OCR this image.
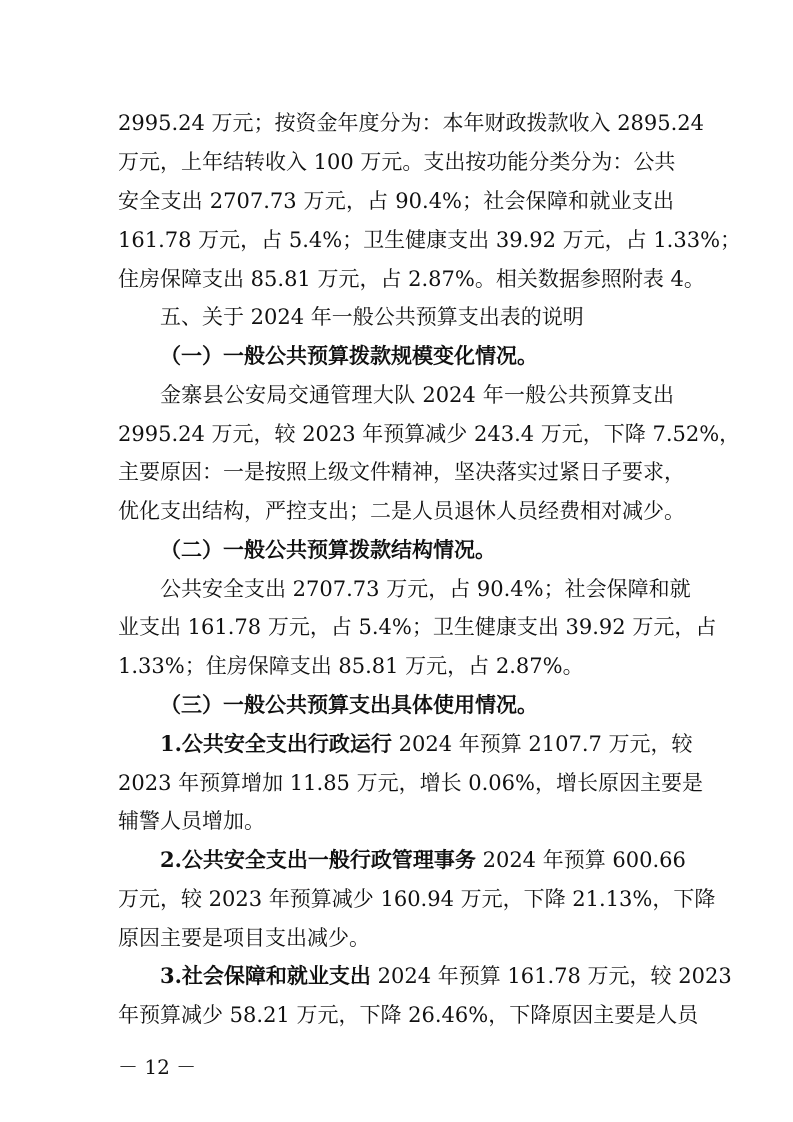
2995.24 万元；按资金年度分为：本年财政拨款收入 2895.24
万元，上年结转收入 100 万元。支出按功能分类分为：公共
安全支出 2707.73 万元，占 90.4%；社会保障和就业支出
161.78 万元，占 5.4%；卫生健康支出 39.92 万元，占 1.33%；
住房保障支出 85.81 万元，占 2.87%。相关数据参照附表 4。
五、关于 2024 年一般公共预算支出表的说明
（一）一般公共预算拨款规模变化情况。
金寨县公安局交通管理大队 2024 年一般公共预算支出
2995.24 万元，较 2023 年预算减少 243.4 万元，下降 7.52%，
主要原因：一是按照上级文件精神，坚决落实过紧日子要求，
优化支出结构，严控支出；二是人员退休人员经费相对减少。
（二）一般公共预算拨款结构情况。
公共安全支出 2707.73 万元，占 90.4%；社会保障和就
业支出 161.78 万元，占 5.4%；卫生健康支出 39.92 万元，占
1.33%；住房保障支出 85.81 万元，占 2.87%。
（三）一般公共预算支出具体使用情况。
1.公共安全支出行政运行 2024 年预算 2107.7 万元，较
2023 年预算增加 11.85 万元，增长 0.06%，增长原因主要是
辅警人员增加。
2.公共安全支出一般行政管理事务 2024 年预算 600.66
万元，较 2023 年预算减少 160.94 万元，下降 21.13%，下降
原因主要是项目支出减少。
3.社会保障和就业支出 2024 年预算 161.78 万元，较 2023
年预算减少 58.21 万元，下降 26.46%，下降原因主要是人员
－ 12 －
